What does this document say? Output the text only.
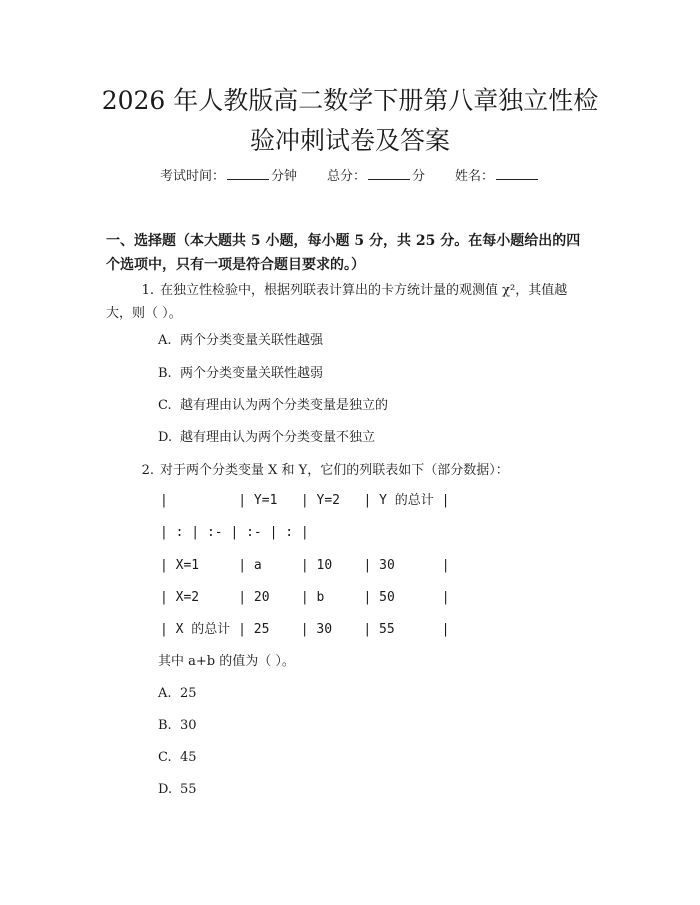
2026 年人教版高二数学下册第八章独立性检
验冲刺试卷及答案
考试时间：	分钟 总分：	分 姓名：
一、选择题（本大题共 5 小题，每小题 5 分，共 25 分。在每小题给出的四个选项中，只有一项是符合题目要求的。）
1. 在独立性检验中，根据列联表计算出的卡方统计量的观测值 χ²，其值越大，则（ ）。
A. 两个分类变量关联性越强
B. 两个分类变量关联性越弱
C. 越有理由认为两个分类变量是独立的
D. 越有理由认为两个分类变量不独立
2. 对于两个分类变量 X 和 Y，它们的列联表如下（部分数据）：
|         | Y=1   | Y=2   | Y 的总计 |
| : | :- | :- | : |
| X=1     | a     | 10    | 30      |
| X=2     | 20    | b     | 50      |
| X 的总计 | 25    | 30    | 55      |
其中 a+b 的值为（ ）。
A. 25
B. 30
C. 45
D. 55
